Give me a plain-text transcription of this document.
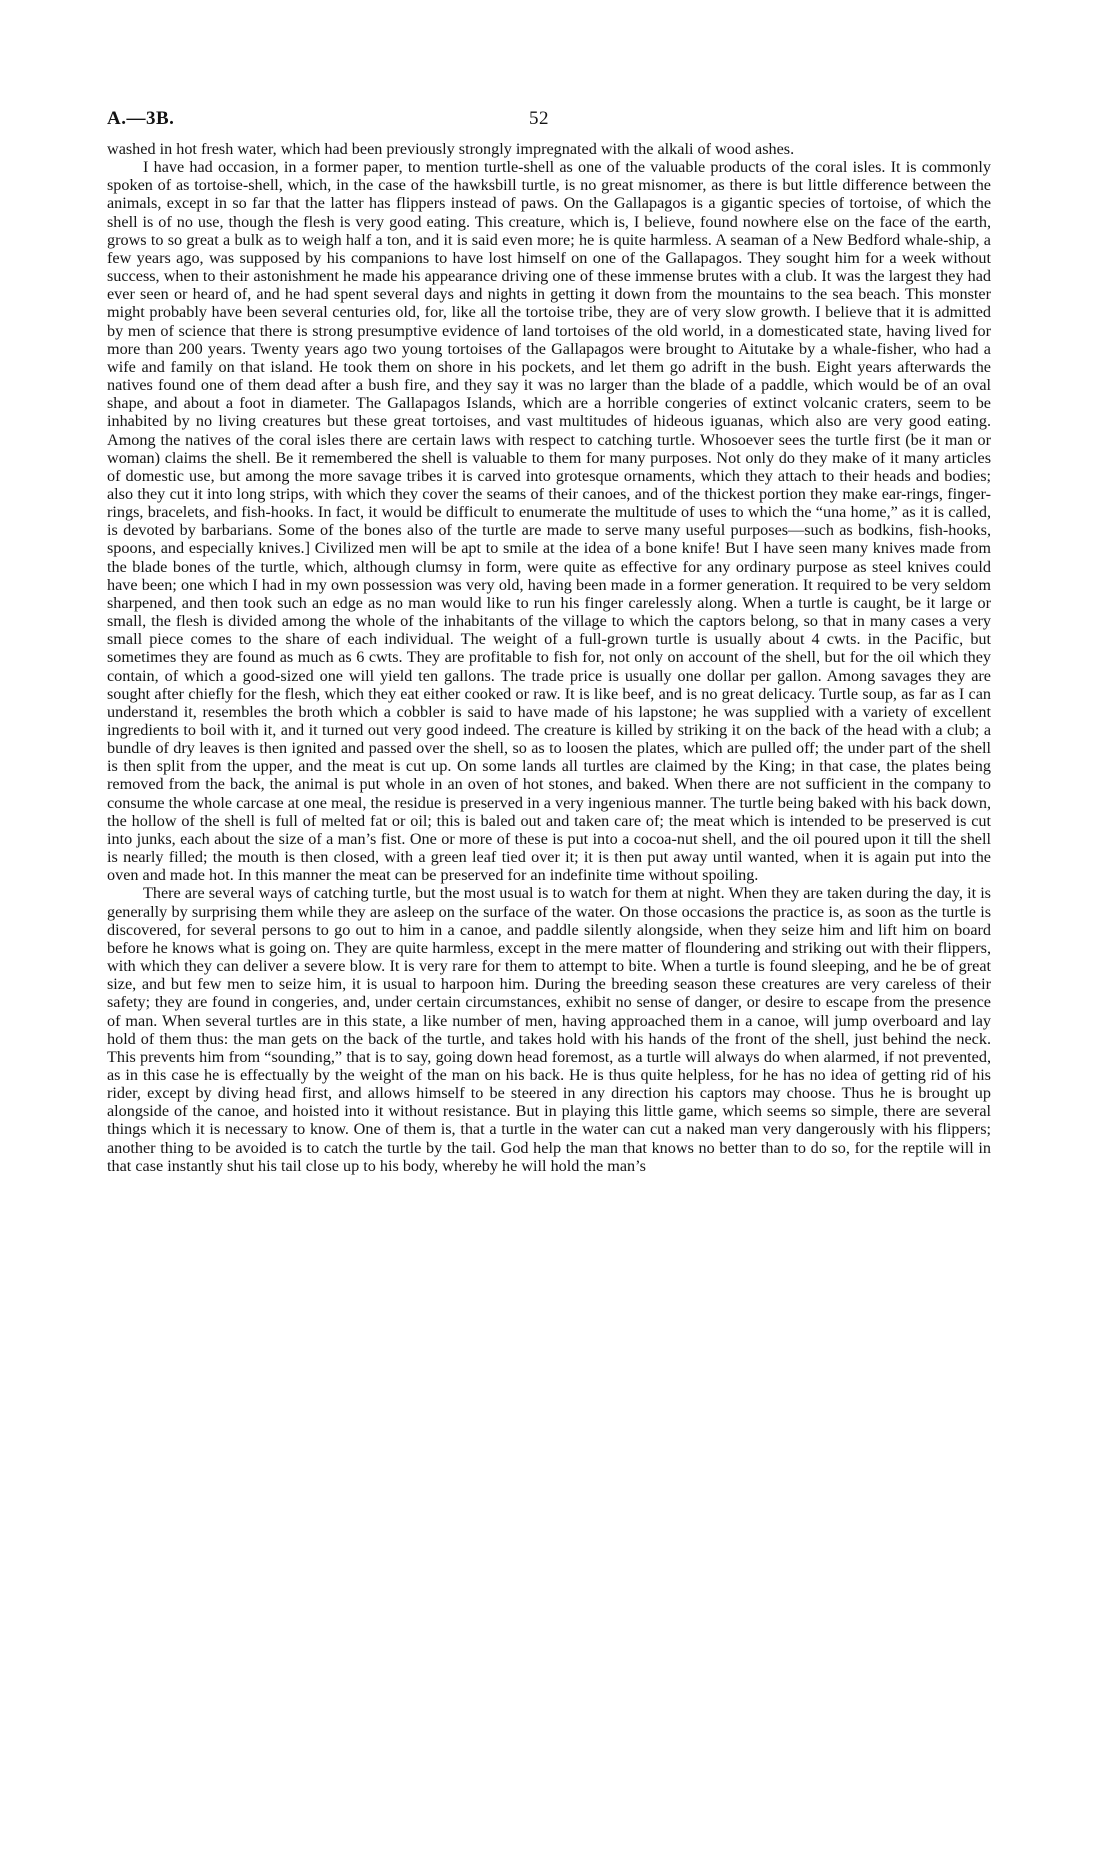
A.—3B.	52

washed in hot fresh water, which had been previously strongly impregnated with the alkali of wood ashes.

I have had occasion, in a former paper, to mention turtle-shell as one of the valuable products of the coral isles. It is commonly spoken of as tortoise-shell, which, in the case of the hawksbill turtle, is no great misnomer, as there is but little difference between the animals, except in so far that the latter has flippers instead of paws. On the Gallapagos is a gigantic species of tortoise, of which the shell is of no use, though the flesh is very good eating. This creature, which is, I believe, found nowhere else on the face of the earth, grows to so great a bulk as to weigh half a ton, and it is said even more; he is quite harmless. A seaman of a New Bedford whale-ship, a few years ago, was supposed by his companions to have lost himself on one of the Gallapagos. They sought him for a week without success, when to their astonishment he made his appearance driving one of these immense brutes with a club. It was the largest they had ever seen or heard of, and he had spent several days and nights in getting it down from the mountains to the sea beach. This monster might probably have been several centuries old, for, like all the tortoise tribe, they are of very slow growth. I believe that it is admitted by men of science that there is strong presumptive evidence of land tortoises of the old world, in a domesticated state, having lived for more than 200 years. Twenty years ago two young tortoises of the Gallapagos were brought to Aitutake by a whale-fisher, who had a wife and family on that island. He took them on shore in his pockets, and let them go adrift in the bush. Eight years afterwards the natives found one of them dead after a bush fire, and they say it was no larger than the blade of a paddle, which would be of an oval shape, and about a foot in diameter. The Gallapagos Islands, which are a horrible congeries of extinct volcanic craters, seem to be inhabited by no living creatures but these great tortoises, and vast multitudes of hideous iguanas, which also are very good eating. Among the natives of the coral isles there are certain laws with respect to catching turtle. Whosoever sees the turtle first (be it man or woman) claims the shell. Be it remembered the shell is valuable to them for many purposes. Not only do they make of it many articles of domestic use, but among the more savage tribes it is carved into grotesque ornaments, which they attach to their heads and bodies; also they cut it into long strips, with which they cover the seams of their canoes, and of the thickest portion they make ear-rings, finger-rings, bracelets, and fish-hooks. In fact, it would be difficult to enumerate the multitude of uses to which the “una home,” as it is called, is devoted by barbarians. Some of the bones also of the turtle are made to serve many useful purposes—such as bodkins, fish-hooks, spoons, and especially knives.] Civilized men will be apt to smile at the idea of a bone knife! But I have seen many knives made from the blade bones of the turtle, which, although clumsy in form, were quite as effective for any ordinary purpose as steel knives could have been; one which I had in my own possession was very old, having been made in a former generation. It required to be very seldom sharpened, and then took such an edge as no man would like to run his finger carelessly along. When a turtle is caught, be it large or small, the flesh is divided among the whole of the inhabitants of the village to which the captors belong, so that in many cases a very small piece comes to the share of each individual. The weight of a full-grown turtle is usually about 4 cwts. in the Pacific, but sometimes they are found as much as 6 cwts. They are profitable to fish for, not only on account of the shell, but for the oil which they contain, of which a good-sized one will yield ten gallons. The trade price is usually one dollar per gallon. Among savages they are sought after chiefly for the flesh, which they eat either cooked or raw. It is like beef, and is no great delicacy. Turtle soup, as far as I can understand it, resembles the broth which a cobbler is said to have made of his lapstone; he was supplied with a variety of excellent ingredients to boil with it, and it turned out very good indeed. The creature is killed by striking it on the back of the head with a club; a bundle of dry leaves is then ignited and passed over the shell, so as to loosen the plates, which are pulled off; the under part of the shell is then split from the upper, and the meat is cut up. On some lands all turtles are claimed by the King; in that case, the plates being removed from the back, the animal is put whole in an oven of hot stones, and baked. When there are not sufficient in the company to consume the whole carcase at one meal, the residue is preserved in a very ingenious manner. The turtle being baked with his back down, the hollow of the shell is full of melted fat or oil; this is baled out and taken care of; the meat which is intended to be preserved is cut into junks, each about the size of a man’s fist. One or more of these is put into a cocoa-nut shell, and the oil poured upon it till the shell is nearly filled; the mouth is then closed, with a green leaf tied over it; it is then put away until wanted, when it is again put into the oven and made hot. In this manner the meat can be preserved for an indefinite time without spoiling.

There are several ways of catching turtle, but the most usual is to watch for them at night. When they are taken during the day, it is generally by surprising them while they are asleep on the surface of the water. On those occasions the practice is, as soon as the turtle is discovered, for several persons to go out to him in a canoe, and paddle silently alongside, when they seize him and lift him on board before he knows what is going on. They are quite harmless, except in the mere matter of floundering and striking out with their flippers, with which they can deliver a severe blow. It is very rare for them to attempt to bite. When a turtle is found sleeping, and he be of great size, and but few men to seize him, it is usual to harpoon him. During the breeding season these creatures are very careless of their safety; they are found in congeries, and, under certain circumstances, exhibit no sense of danger, or desire to escape from the presence of man. When several turtles are in this state, a like number of men, having approached them in a canoe, will jump overboard and lay hold of them thus: the man gets on the back of the turtle, and takes hold with his hands of the front of the shell, just behind the neck. This prevents him from “sounding,” that is to say, going down head foremost, as a turtle will always do when alarmed, if not prevented, as in this case he is effectually by the weight of the man on his back. He is thus quite helpless, for he has no idea of getting rid of his rider, except by diving head first, and allows himself to be steered in any direction his captors may choose. Thus he is brought up alongside of the canoe, and hoisted into it without resistance. But in playing this little game, which seems so simple, there are several things which it is necessary to know. One of them is, that a turtle in the water can cut a naked man very dangerously with his flippers; another thing to be avoided is to catch the turtle by the tail. God help the man that knows no better than to do so, for the reptile will in that case instantly shut his tail close up to his body, whereby he will hold the man’s
